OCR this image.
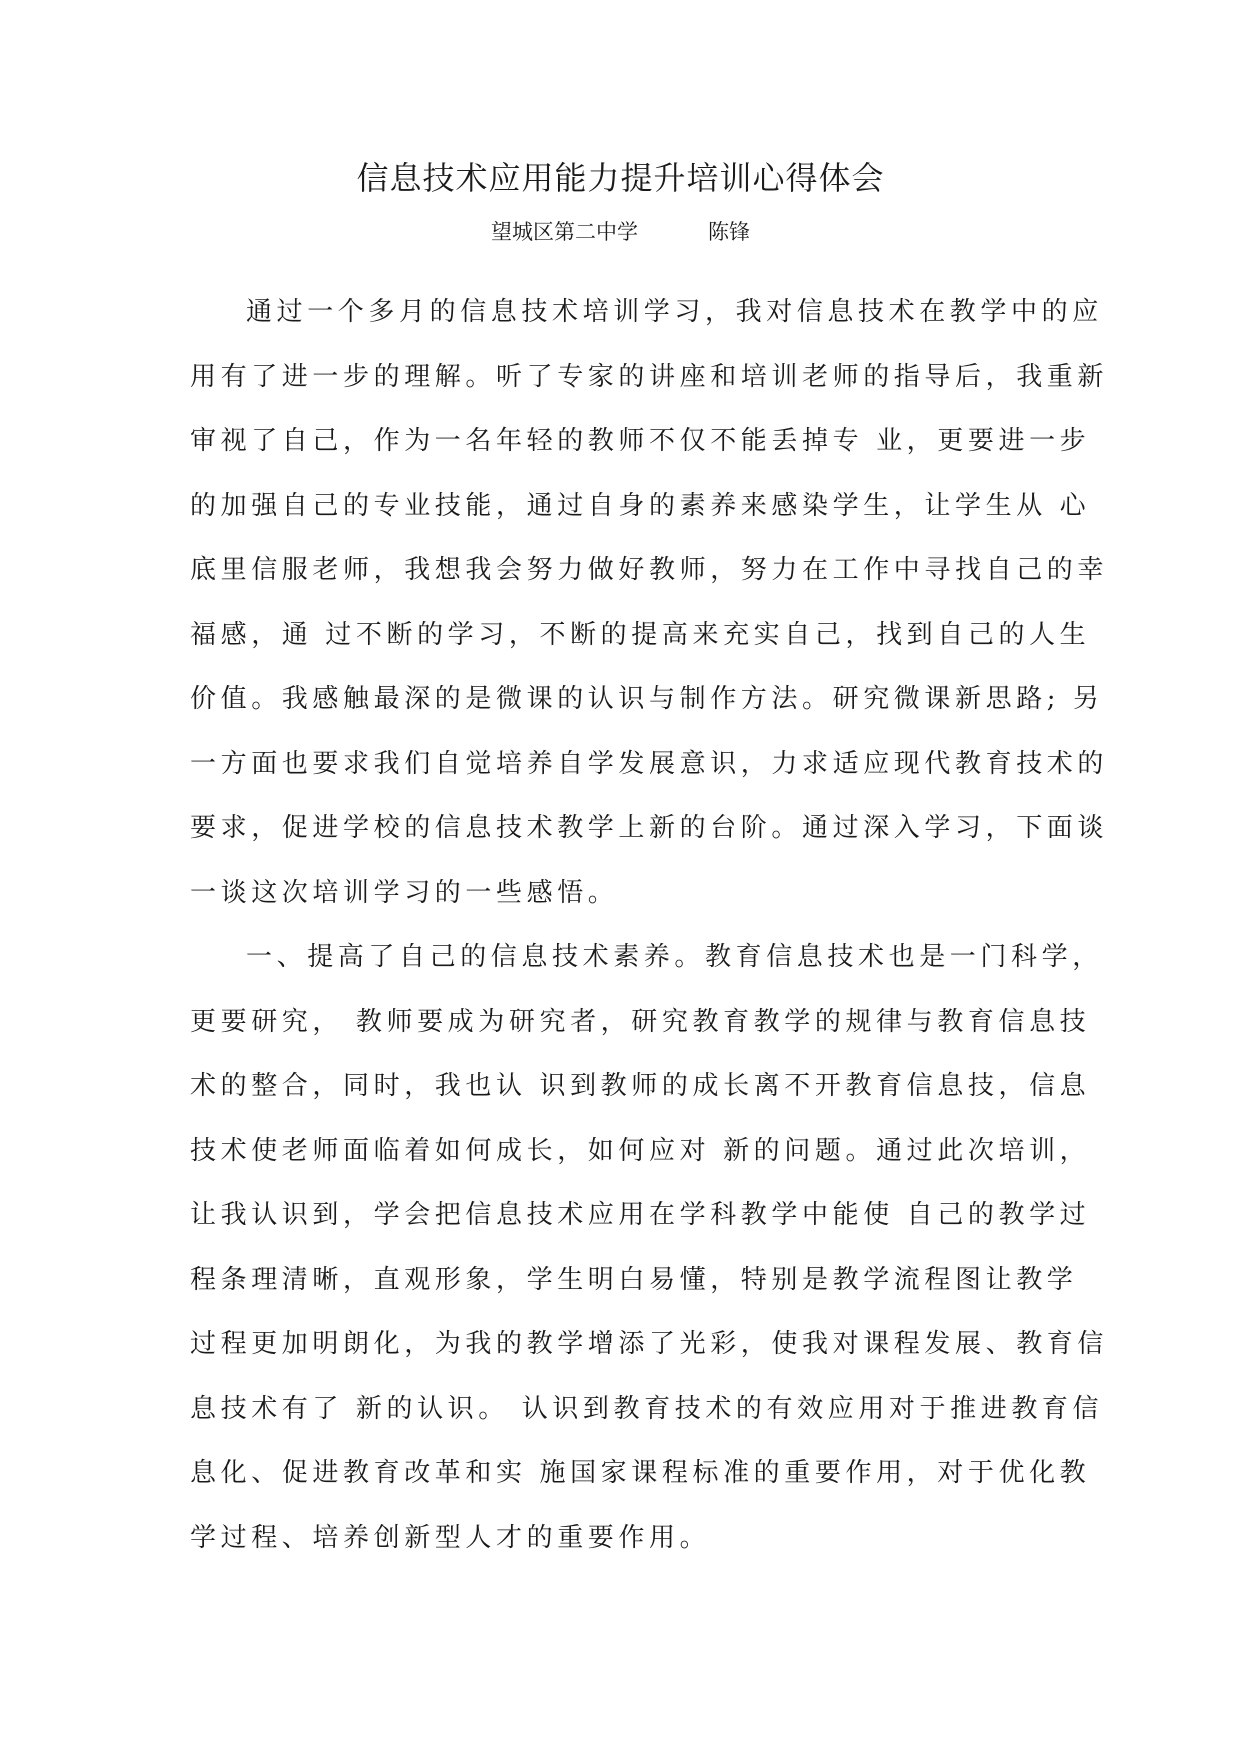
信息技术应用能力提升培训心得体会
望城区第二中学	陈锋

通过一个多月的信息技术培训学习，我对信息技术在教学中的应
用有了进一步的理解。听了专家的讲座和培训老师的指导后，我重新
审视了自己，作为一名年轻的教师不仅不能丢掉专 业，更要进一步
的加强自己的专业技能，通过自身的素养来感染学生，让学生从 心
底里信服老师，我想我会努力做好教师，努力在工作中寻找自己的幸
福感，通 过不断的学习，不断的提高来充实自己，找到自己的人生
价值。我感触最深的是微课的认识与制作方法。研究微课新思路; 另
一方面也要求我们自觉培养自学发展意识，力求适应现代教育技术的
要求，促进学校的信息技术教学上新的台阶。通过深入学习，下面谈
一谈这次培训学习的一些感悟。

一、提高了自己的信息技术素养。教育信息技术也是一门科学，
更要研究， 教师要成为研究者，研究教育教学的规律与教育信息技
术的整合，同时，我也认 识到教师的成长离不开教育信息技，信息
技术使老师面临着如何成长，如何应对 新的问题。通过此次培训，
让我认识到，学会把信息技术应用在学科教学中能使 自己的教学过
程条理清晰，直观形象，学生明白易懂，特别是教学流程图让教学
过程更加明朗化，为我的教学增添了光彩，使我对课程发展、教育信
息技术有了 新的认识。 认识到教育技术的有效应用对于推进教育信
息化、促进教育改革和实 施国家课程标准的重要作用，对于优化教
学过程、培养创新型人才的重要作用。
